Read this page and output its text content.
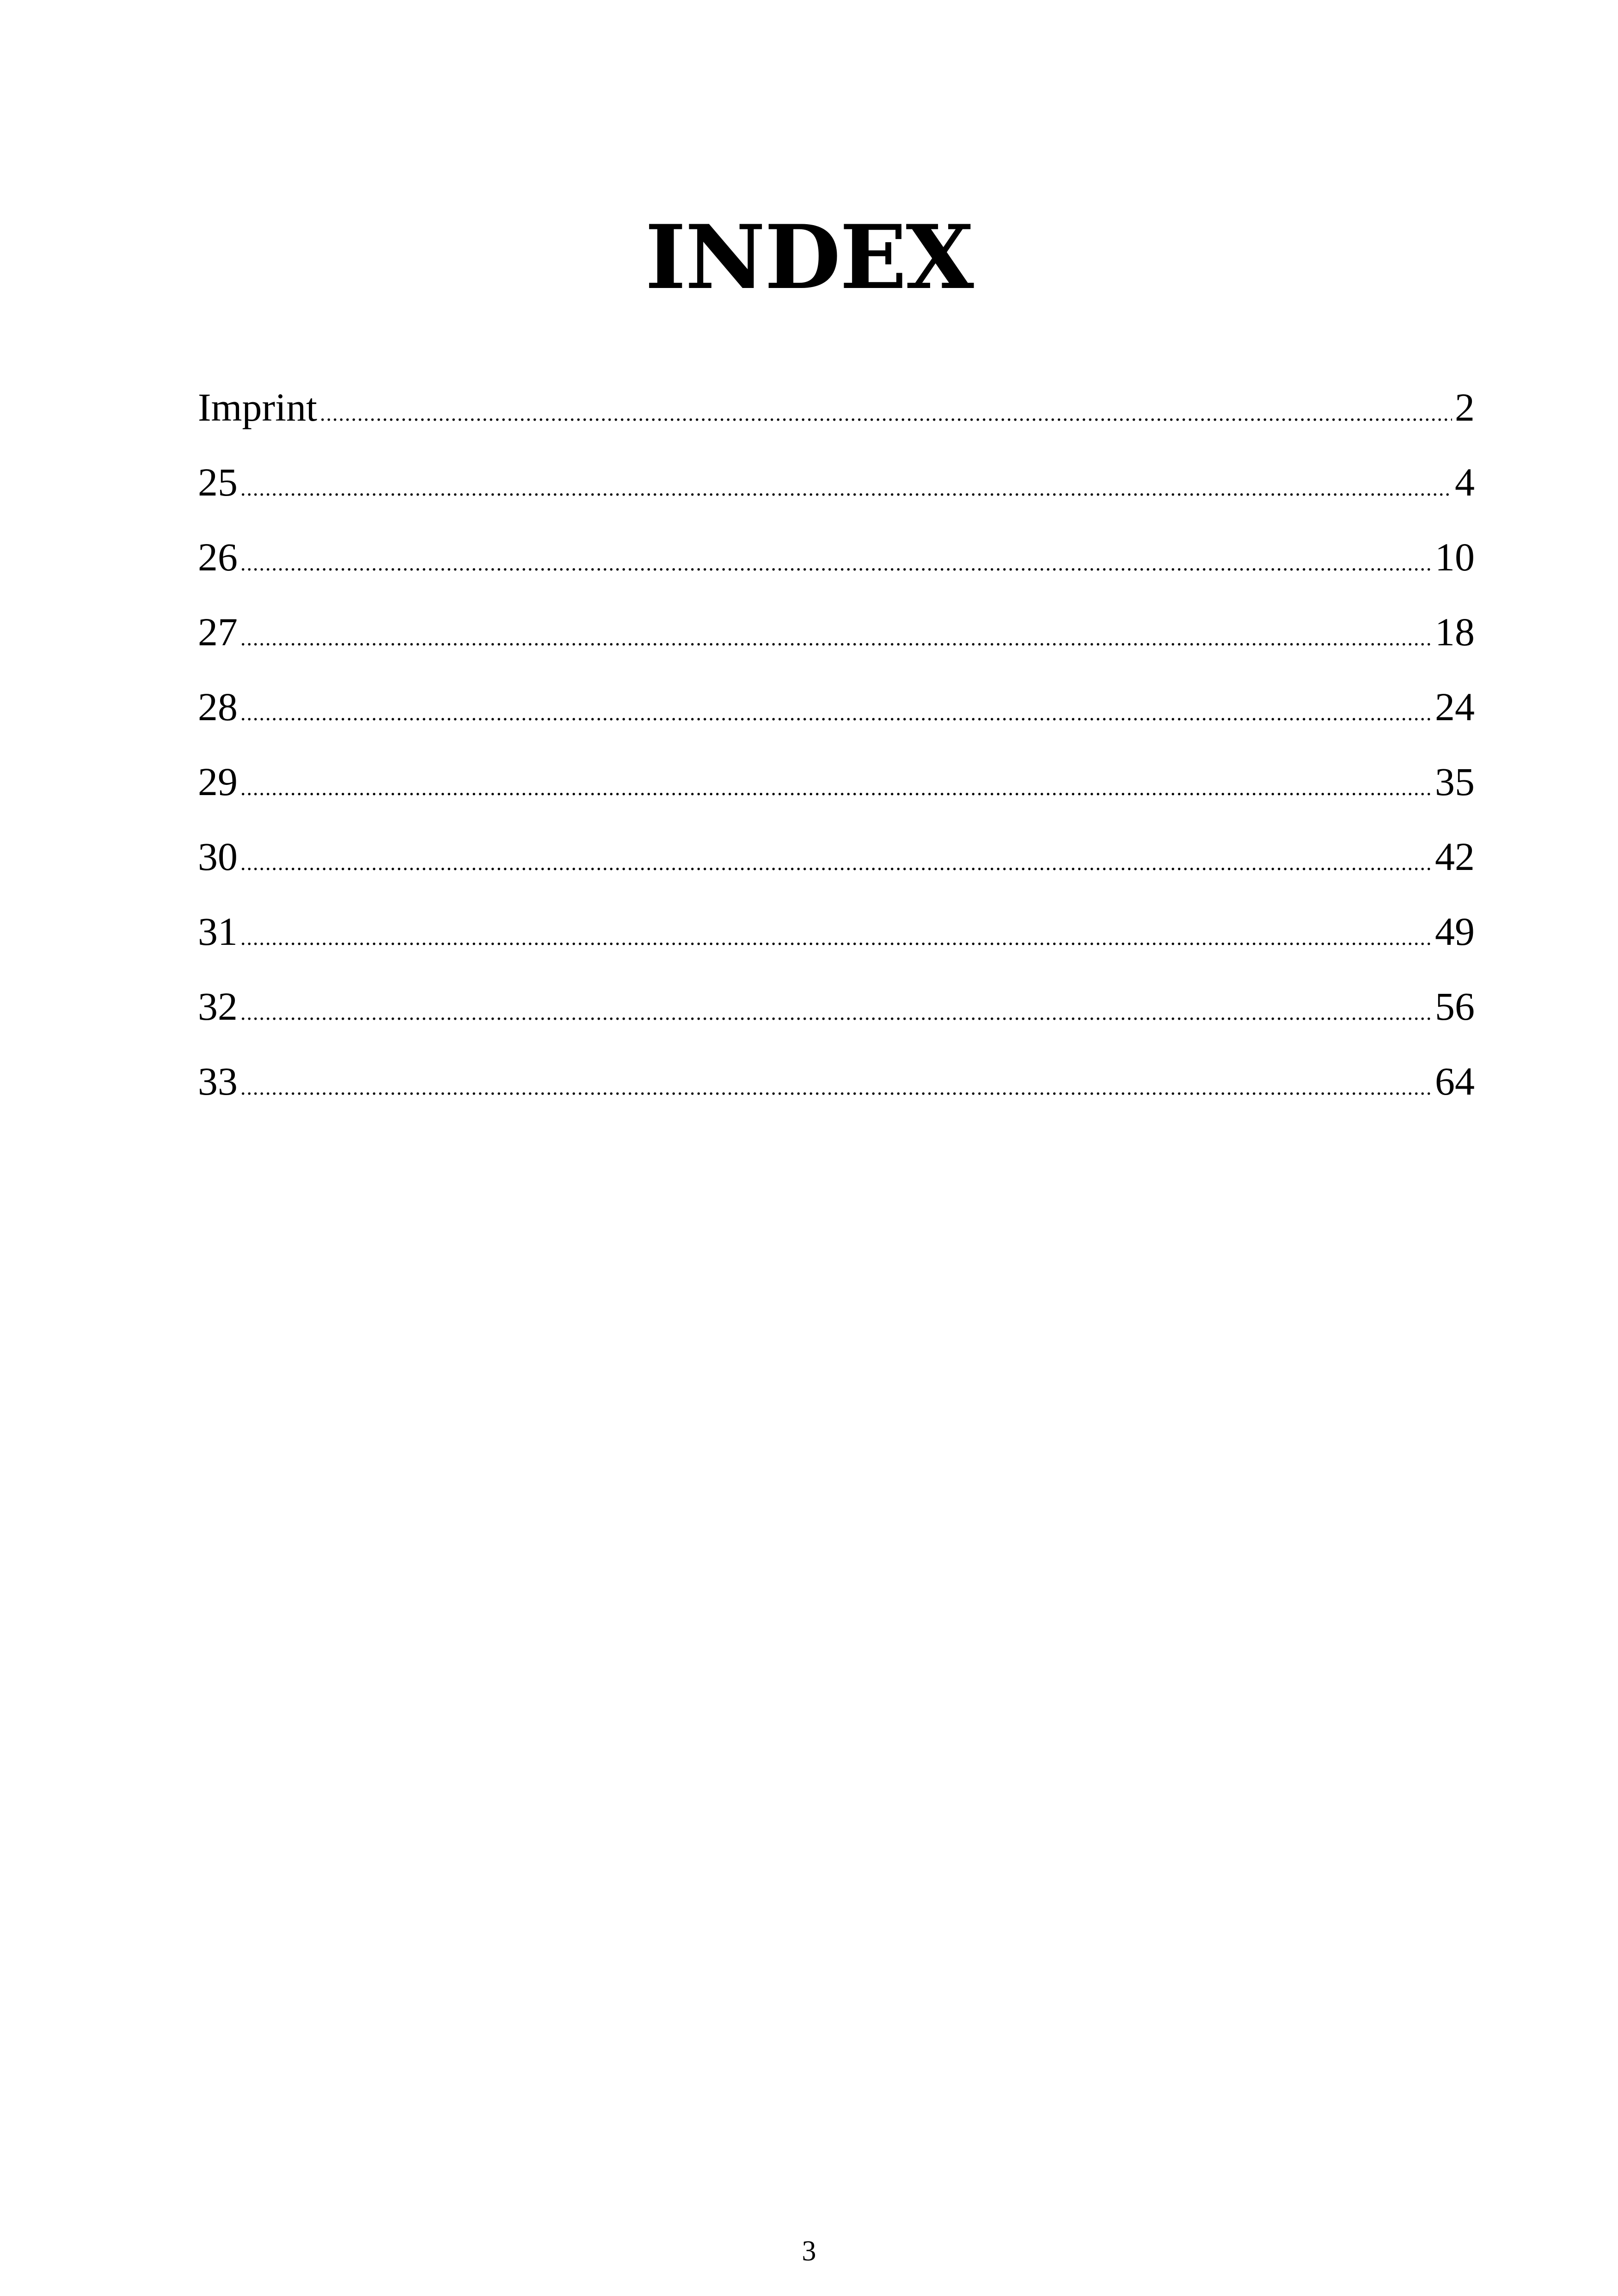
INDEX
Imprint .....	2
25 .....	4
26 .....	10
27 .....	18
28 .....	24
29 .....	35
30 .....	42
31 .....	49
32 .....	56
33 .....	64
3
